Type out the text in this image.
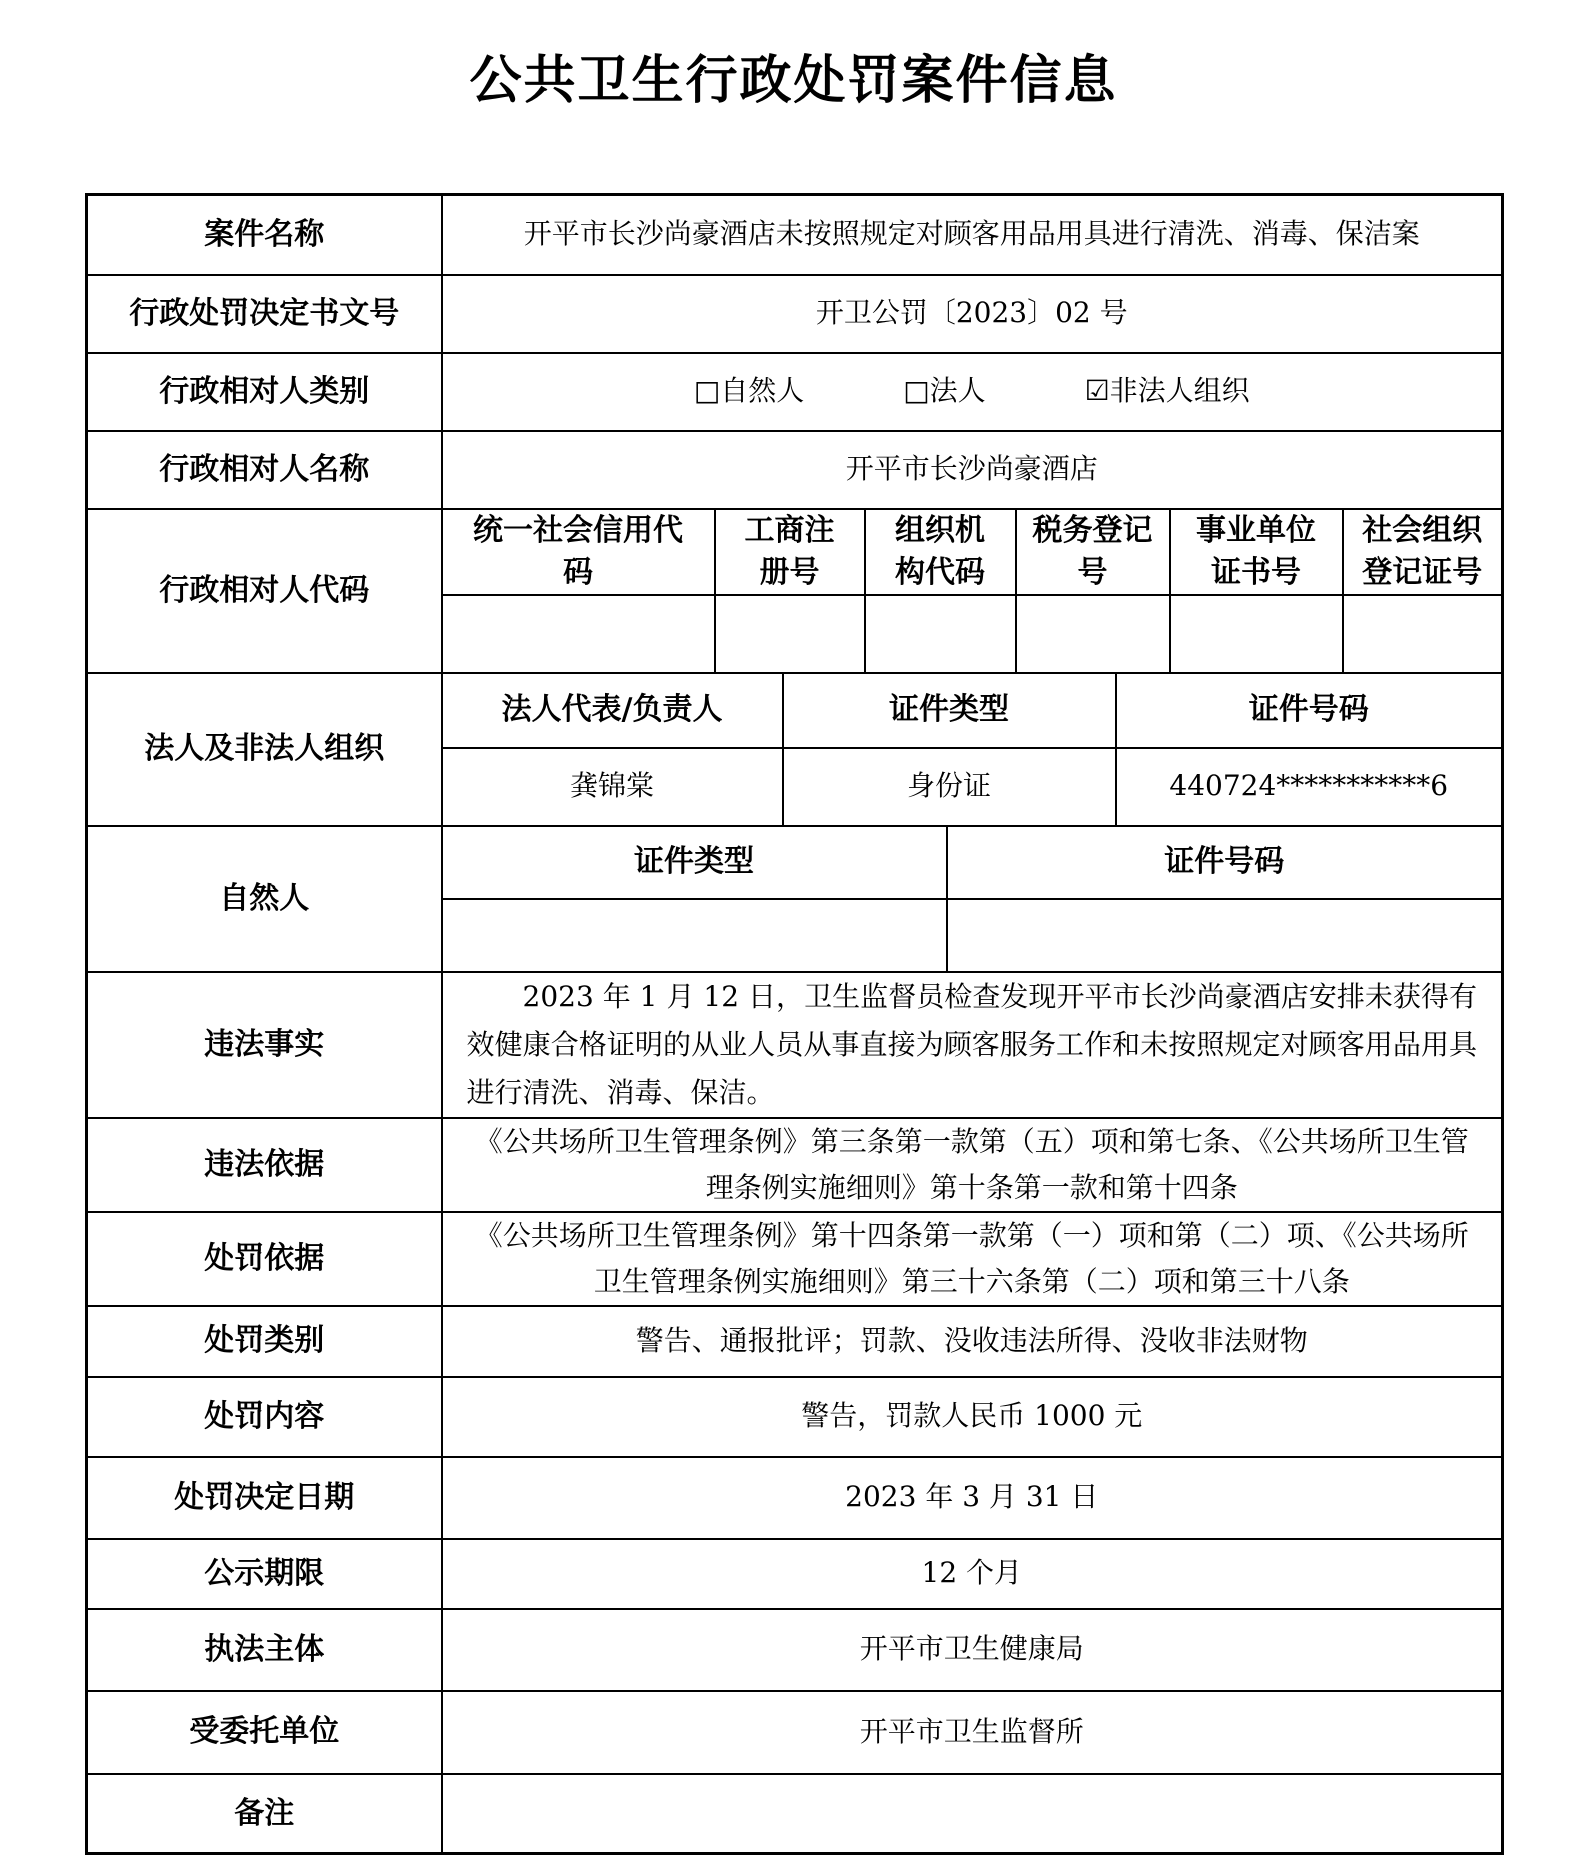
公共卫生行政处罚案件信息
案件名称	开平市长沙尚豪酒店未按照规定对顾客用品用具进行清洗、消毒、保洁案								
行政处罚决定书文号	开卫公罚〔2023〕02 号								
行政相对人类别	□自然人 □法人 ☑非法人组织								
行政相对人名称	开平市长沙尚豪酒店								
行政相对人代码	统一社会信用代码	工商注册号		组织机构代码		税务登记号		事业单位证书号	社会组织登记证号

法人及非法人组织	法人代表/负责人		证件类型				证件号码		
	龚锦棠		身份证				440724***********6		
自然人	证件类型				证件号码				

违法事实	2023 年 1 月 12 日，卫生监督员检查发现开平市长沙尚豪酒店安排未获得有效健康合格证明的从业人员从事直接为顾客服务工作和未按照规定对顾客用品用具进行清洗、消毒、保洁。								
违法依据	《公共场所卫生管理条例》第三条第一款第（五）项和第七条、《公共场所卫生管理条例实施细则》第十条第一款和第十四条								
处罚依据	《公共场所卫生管理条例》第十四条第一款第（一）项和第（二）项、《公共场所卫生管理条例实施细则》第三十六条第（二）项和第三十八条								
处罚类别	警告、通报批评；罚款、没收违法所得、没收非法财物								
处罚内容	警告，罚款人民币 1000 元								
处罚决定日期	2023 年 3 月 31 日								
公示期限	12 个月								
执法主体	开平市卫生健康局								
受委托单位	开平市卫生监督所								
备注									
